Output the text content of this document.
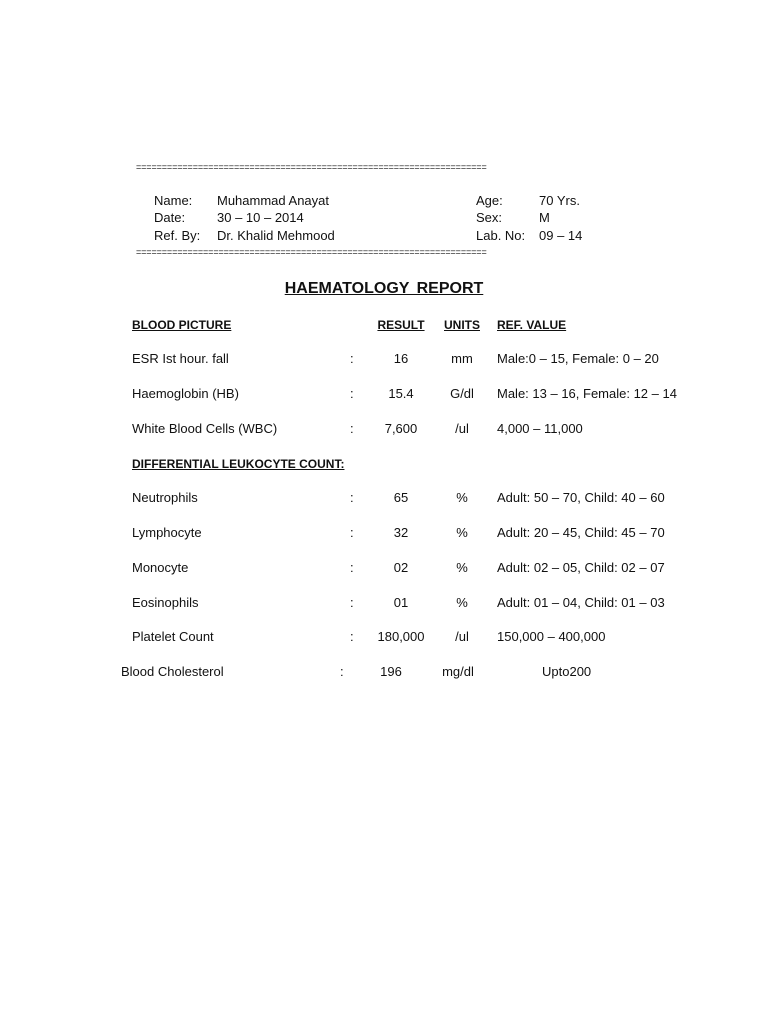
====================================================================
Name: Muhammad Anayat
Date: 30 – 10 – 2014
Ref. By: Dr. Khalid Mehmood
Age:	70 Yrs.
Sex:	M
Lab. No: 09 – 14
====================================================================
HAEMATOLOGY REPORT
BLOOD PICTURE	RESULT	UNITS	REF. VALUE
ESR Ist hour. fall	:	16	mm	Male:0 – 15, Female: 0 – 20
Haemoglobin (HB)	:	15.4	G/dl	Male: 13 – 16, Female: 12 – 14
White Blood Cells (WBC)	:	7,600	/ul	4,000 – 11,000
DIFFERENTIAL LEUKOCYTE COUNT:
Neutrophils	:	65	%	Adult: 50 – 70, Child: 40 – 60
Lymphocyte	:	32	%	Adult: 20 – 45, Child: 45 – 70
Monocyte	:	02	%	Adult: 02 – 05, Child: 02 – 07
Eosinophils	:	01	%	Adult: 01 – 04, Child: 01 – 03
Platelet Count	:	180,000	/ul	150,000 – 400,000
Blood Cholesterol	:	196	mg/dl	Upto200
